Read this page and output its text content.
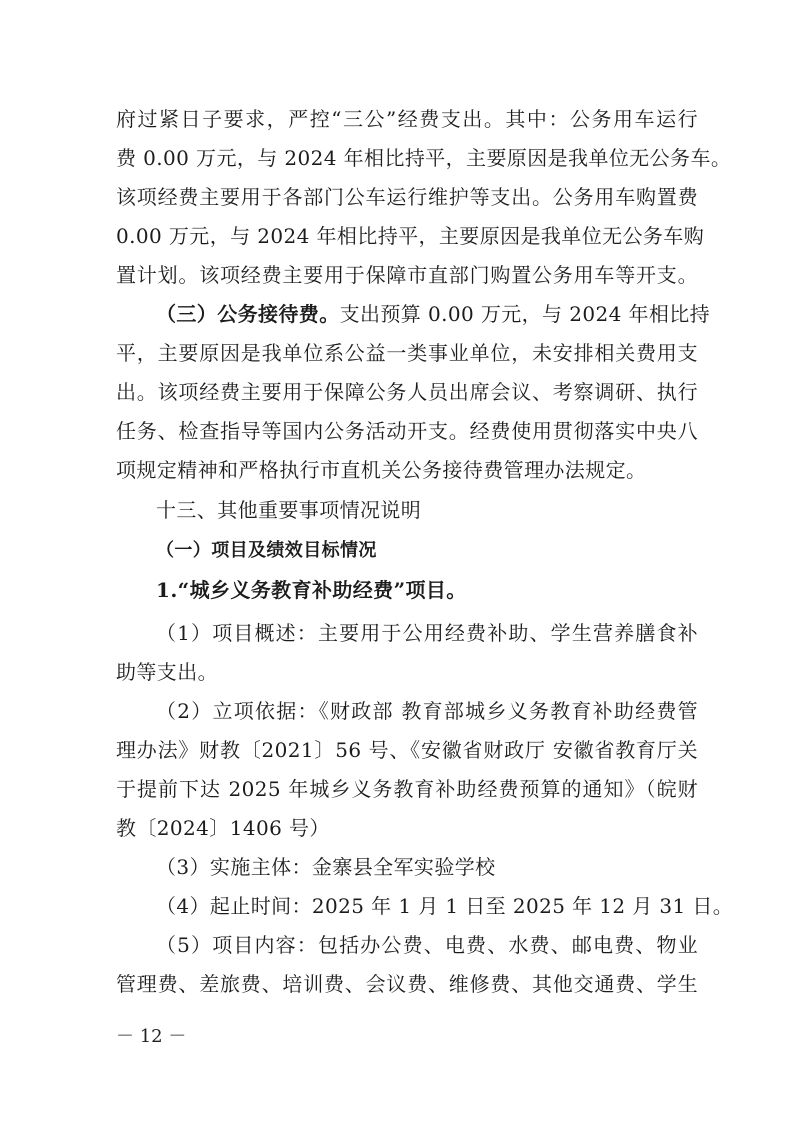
府过紧日子要求，严控“三公”经费支出。其中：公务用车运行
费 0.00 万元，与 2024 年相比持平，主要原因是我单位无公务车。
该项经费主要用于各部门公车运行维护等支出。公务用车购置费
0.00 万元，与 2024 年相比持平，主要原因是我单位无公务车购
置计划。该项经费主要用于保障市直部门购置公务用车等开支。
（三）公务接待费。支出预算 0.00 万元，与 2024 年相比持
平，主要原因是我单位系公益一类事业单位，未安排相关费用支
出。该项经费主要用于保障公务人员出席会议、考察调研、执行
任务、检查指导等国内公务活动开支。经费使用贯彻落实中央八
项规定精神和严格执行市直机关公务接待费管理办法规定。
十三、其他重要事项情况说明
（一）项目及绩效目标情况
1.“城乡义务教育补助经费”项目。
（1）项目概述：主要用于公用经费补助、学生营养膳食补
助等支出。
（2）立项依据：《财政部 教育部城乡义务教育补助经费管
理办法》财教〔2021〕56 号、《安徽省财政厅 安徽省教育厅关
于提前下达 2025 年城乡义务教育补助经费预算的通知》（皖财
教〔2024〕1406 号）
（3）实施主体：金寨县全军实验学校
（4）起止时间：2025 年 1 月 1 日至 2025 年 12 月 31 日。
（5）项目内容：包括办公费、电费、水费、邮电费、物业
管理费、差旅费、培训费、会议费、维修费、其他交通费、学生
－ 12 －
